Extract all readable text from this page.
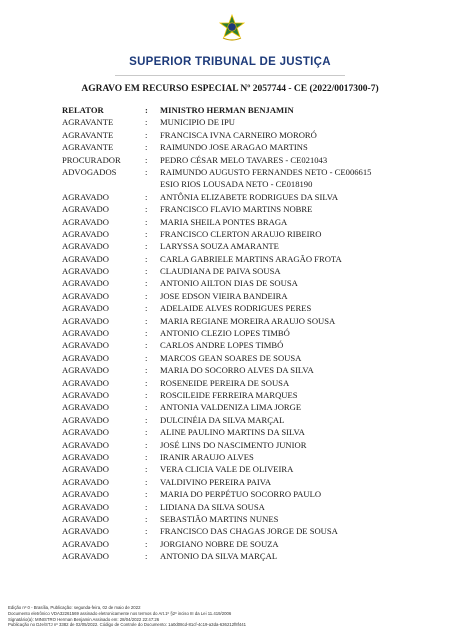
SUPERIOR TRIBUNAL DE JUSTIÇA
AGRAVO EM RECURSO ESPECIAL Nº 2057744 - CE (2022/0017300-7)
RELATOR	:	MINISTRO HERMAN BENJAMIN
AGRAVANTE	:	MUNICIPIO DE IPU
AGRAVANTE	:	FRANCISCA IVNA CARNEIRO MORORÓ
AGRAVANTE	:	RAIMUNDO JOSE ARAGAO MARTINS
PROCURADOR	:	PEDRO CÉSAR MELO TAVARES - CE021043
ADVOGADOS	:	RAIMUNDO AUGUSTO FERNANDES NETO - CE006615
ESIO RIOS LOUSADA NETO - CE018190
AGRAVADO	:	ANTÔNIA ELIZABETE RODRIGUES DA SILVA
AGRAVADO	:	FRANCISCO FLAVIO MARTINS NOBRE
AGRAVADO	:	MARIA SHEILA PONTES BRAGA
AGRAVADO	:	FRANCISCO CLERTON ARAUJO RIBEIRO
AGRAVADO	:	LARYSSA SOUZA AMARANTE
AGRAVADO	:	CARLA GABRIELE MARTINS ARAGÃO FROTA
AGRAVADO	:	CLAUDIANA DE PAIVA SOUSA
AGRAVADO	:	ANTONIO AILTON DIAS DE SOUSA
AGRAVADO	:	JOSE EDSON VIEIRA BANDEIRA
AGRAVADO	:	ADELAIDE ALVES RODRIGUES PERES
AGRAVADO	:	MARIA REGIANE MOREIRA ARAUJO SOUSA
AGRAVADO	:	ANTONIO CLEZIO LOPES TIMBÓ
AGRAVADO	:	CARLOS ANDRE LOPES TIMBÓ
AGRAVADO	:	MARCOS GEAN SOARES DE SOUSA
AGRAVADO	:	MARIA DO SOCORRO ALVES DA SILVA
AGRAVADO	:	ROSENEIDE PEREIRA DE SOUSA
AGRAVADO	:	ROSCILEIDE FERREIRA MARQUES
AGRAVADO	:	ANTONIA VALDENIZA LIMA JORGE
AGRAVADO	:	DULCINÉIA DA SILVA MARÇAL
AGRAVADO	:	ALINE PAULINO MARTINS DA SILVA
AGRAVADO	:	JOSÉ LINS DO NASCIMENTO JUNIOR
AGRAVADO	:	IRANIR ARAUJO ALVES
AGRAVADO	:	VERA CLICIA VALE DE OLIVEIRA
AGRAVADO	:	VALDIVINO PEREIRA PAIVA
AGRAVADO	:	MARIA DO PERPÉTUO SOCORRO PAULO
AGRAVADO	:	LIDIANA DA SILVA SOUSA
AGRAVADO	:	SEBASTIÃO MARTINS NUNES
AGRAVADO	:	FRANCISCO DAS CHAGAS JORGE DE SOUSA
AGRAVADO	:	JORGIANO NOBRE DE SOUZA
AGRAVADO	:	ANTONIO DA SILVA MARÇAL
Edição nº 0 - Brasília, Publicação: segunda-feira, 02 de maio de 2022
Documento eletrônico VDA32261569 assinado eletronicamente nos termos do Art.1º §2º inciso III da Lei 11.419/2006
Signatário(a): MINISTRO Herman Benjamin Assinado em: 28/04/2022 22:47:26
Publicação no DJe/STJ nº 3382 de 02/05/2022. Código de Controle do Documento: 1a0d08cd-81cf-4c19-a3da-636212f8f441
